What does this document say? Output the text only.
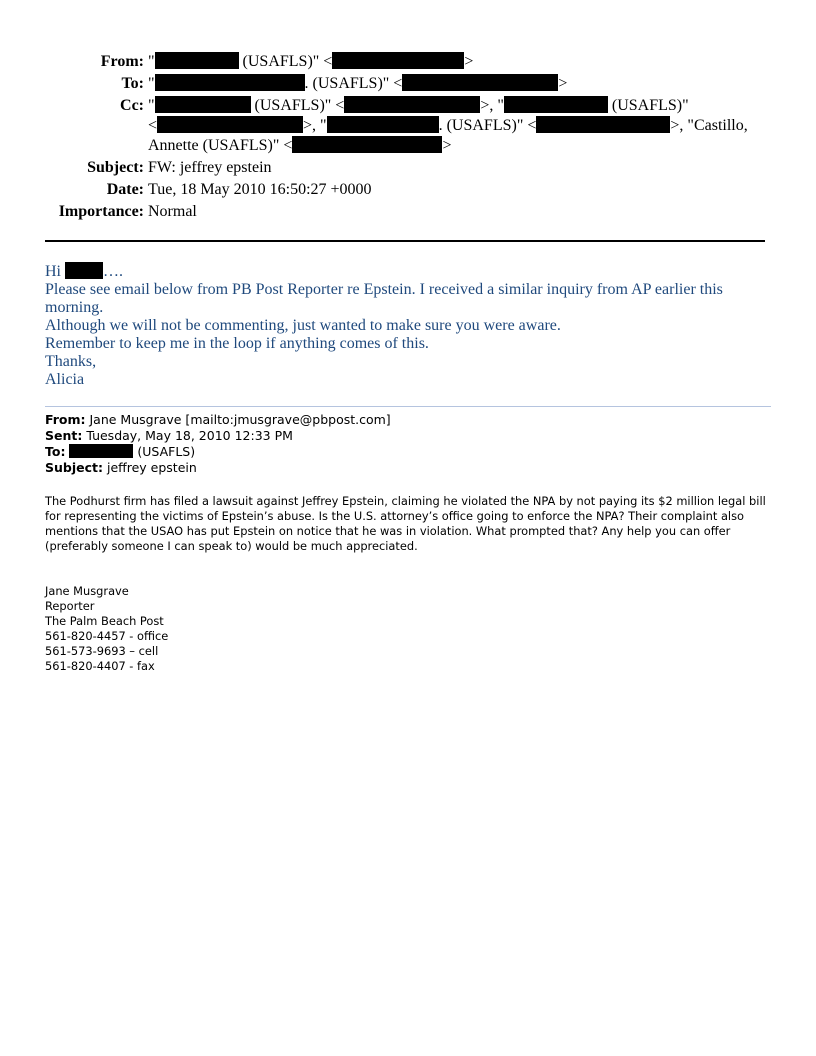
From: "	(USAFLS)" <	>
To: "	. (USAFLS)" <	>
Cc: "	(USAFLS)" <	>, "	(USAFLS)"
<	>, "	. (USAFLS)" <	>, "Castillo,
Annette (USAFLS)" <	>
Subject: FW: jeffrey epstein
Date: Tue, 18 May 2010 16:50:27 +0000
Importance: Normal

Hi ….

Please see email below from PB Post Reporter re Epstein. I received a similar inquiry from AP earlier this morning.

Although we will not be commenting, just wanted to make sure you were aware.

Remember to keep me in the loop if anything comes of this.

Thanks,

Alicia

From: Jane Musgrave [mailto:jmusgrave@pbpost.com]
Sent: Tuesday, May 18, 2010 12:33 PM
To:	(USAFLS)
Subject: jeffrey epstein
The Podhurst firm has filed a lawsuit against Jeffrey Epstein, claiming he violated the NPA by not paying its $2 million legal bill for representing the victims of Epstein’s abuse. Is the U.S. attorney’s office going to enforce the NPA? Their complaint also mentions that the USAO has put Epstein on notice that he was in violation. What prompted that? Any help you can offer (preferably someone I can speak to) would be much appreciated.
Jane Musgrave
Reporter
The Palm Beach Post
561-820-4457 - office
561-573-9693 – cell
561-820-4407 - fax
